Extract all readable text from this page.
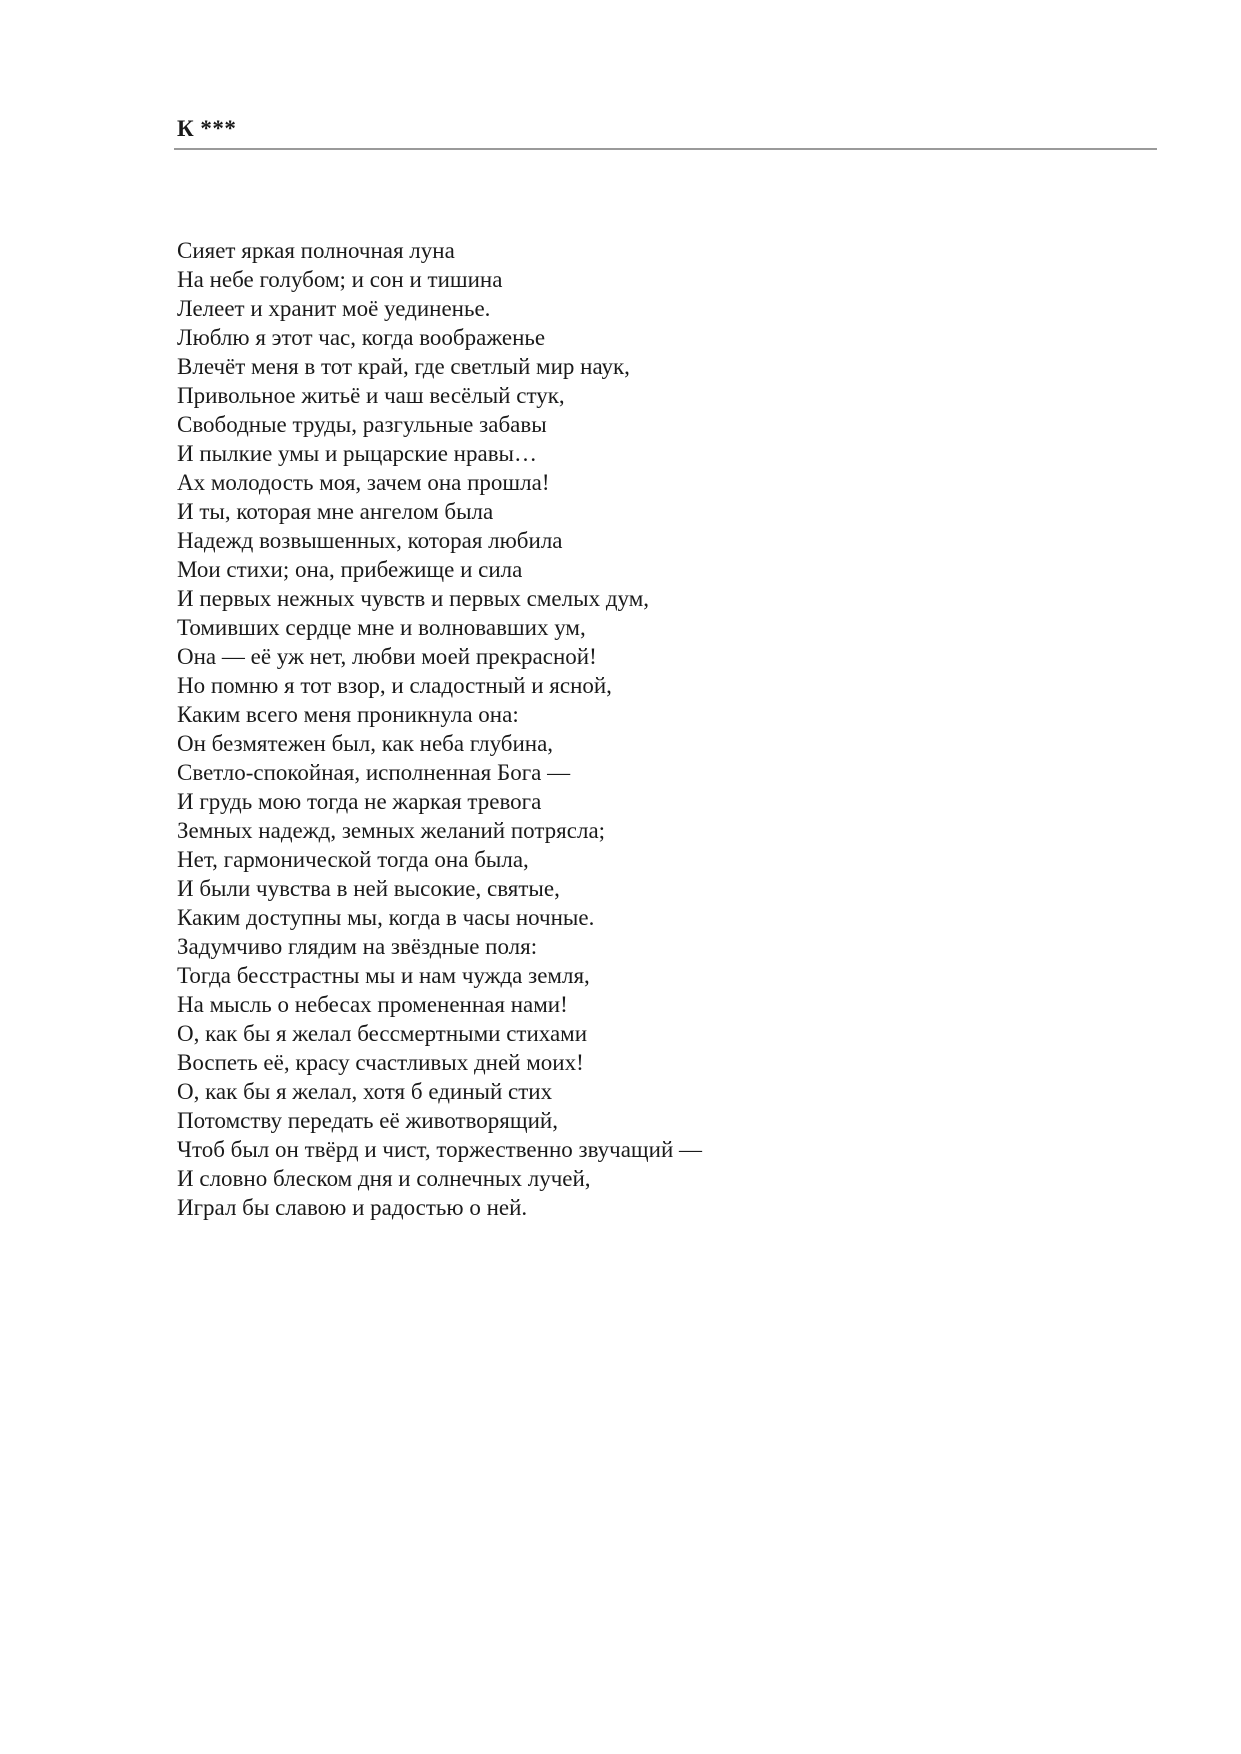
К ***
Сияет яркая полночная луна
На небе голубом; и сон и тишина
Лелеет и хранит моё уединенье.
Люблю я этот час, когда воображенье
Влечёт меня в тот край, где светлый мир наук,
Привольное житьё и чаш весёлый стук,
Свободные труды, разгульные забавы
И пылкие умы и рыцарские нравы…
Ах молодость моя, зачем она прошла!
И ты, которая мне ангелом была
Надежд возвышенных, которая любила
Мои стихи; она, прибежище и сила
И первых нежных чувств и первых смелых дум,
Томивших сердце мне и волновавших ум,
Она — её уж нет, любви моей прекрасной!
Но помню я тот взор, и сладостный и ясной,
Каким всего меня проникнула она:
Он безмятежен был, как неба глубина,
Светло-спокойная, исполненная Бога —
И грудь мою тогда не жаркая тревога
Земных надежд, земных желаний потрясла;
Нет, гармонической тогда она была,
И были чувства в ней высокие, святые,
Каким доступны мы, когда в часы ночные.
Задумчиво глядим на звёздные поля:
Тогда бесстрастны мы и нам чужда земля,
На мысль о небесах промененная нами!
О, как бы я желал бессмертными стихами
Воспеть её, красу счастливых дней моих!
О, как бы я желал, хотя б единый стих
Потомству передать её животворящий,
Чтоб был он твёрд и чист, торжественно звучащий —
И словно блеском дня и солнечных лучей,
Играл бы славою и радостью о ней.
